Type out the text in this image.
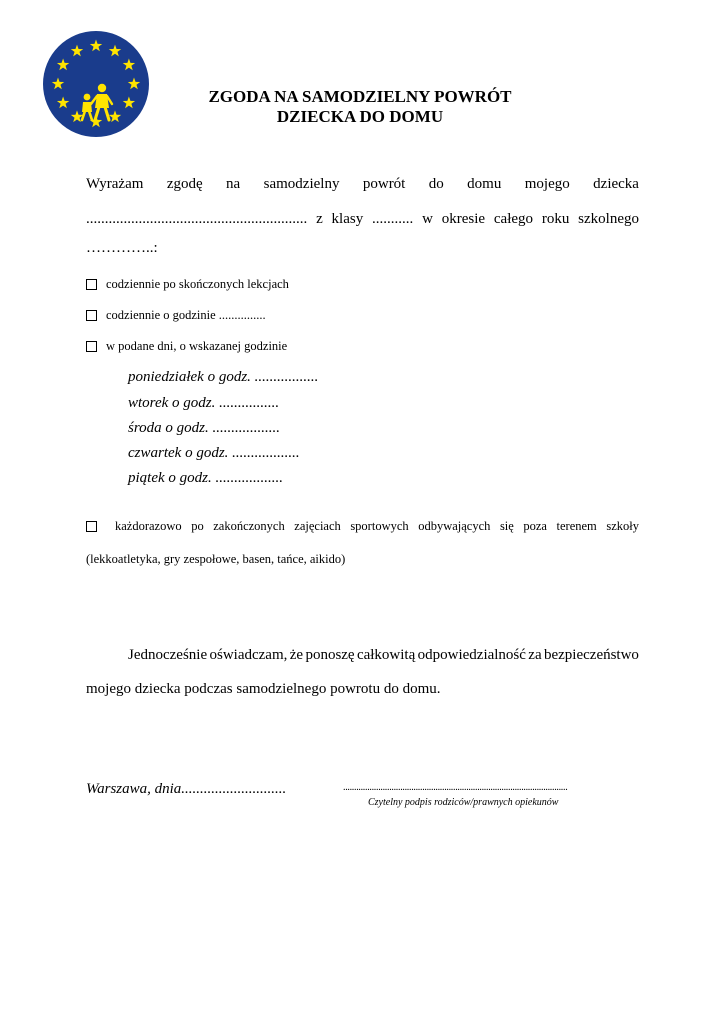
ZGODA NA SAMODZIELNY POWRÓT
DZIECKA DO DOMU
Wyrażam zgodę na samodzielny powrót do domu mojego dziecka
........................................................... z klasy ........... w okresie całego roku szkolnego
…………..:
codziennie po skończonych lekcjach
codziennie o godzinie ...............
w podane dni, o wskazanej godzinie
poniedziałek o godz. .................
wtorek o godz. ................
środa o godz. ..................
czwartek o godz. ..................
piątek o godz. ..................
każdorazowo po zakończonych zajęciach sportowych odbywających się poza terenem szkoły
(lekkoatletyka, gry zespołowe, basen, tańce, aikido)
Jednocześnie oświadczam, że ponoszę całkowitą odpowiedzialność za bezpieczeństwo
mojego dziecka podczas samodzielnego powrotu do domu.
Warszawa, dnia............................	......................................................................................................
Czytelny podpis rodziców/prawnych opiekunów
